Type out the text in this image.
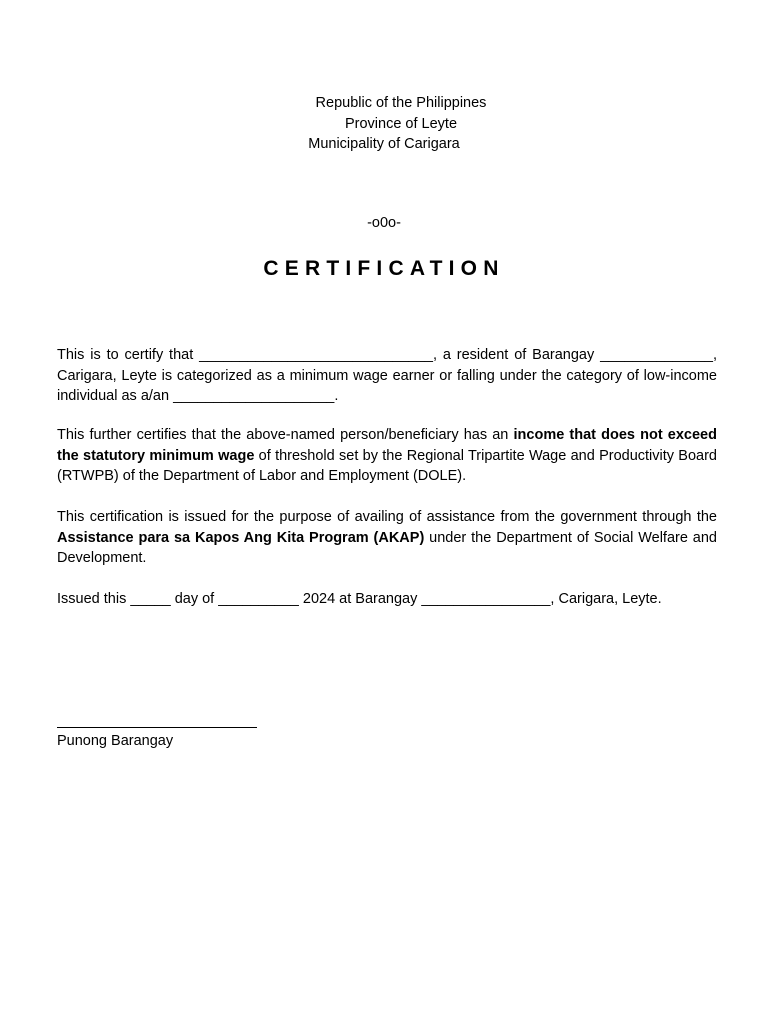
Republic of the Philippines
Province of Leyte
Municipality of Carigara
-o0o-
CERTIFICATION
This is to certify that _____________________________, a resident of Barangay ______________, Carigara, Leyte is categorized as a minimum wage earner or falling under the category of low-income individual as a/an ____________________.
This further certifies that the above-named person/beneficiary has an income that does not exceed the statutory minimum wage of threshold set by the Regional Tripartite Wage and Productivity Board (RTWPB) of the Department of Labor and Employment (DOLE).
This certification is issued for the purpose of availing of assistance from the government through the Assistance para sa Kapos Ang Kita Program (AKAP) under the Department of Social Welfare and Development.
Issued this _____ day of __________ 2024 at Barangay ________________, Carigara, Leyte.
Punong Barangay
